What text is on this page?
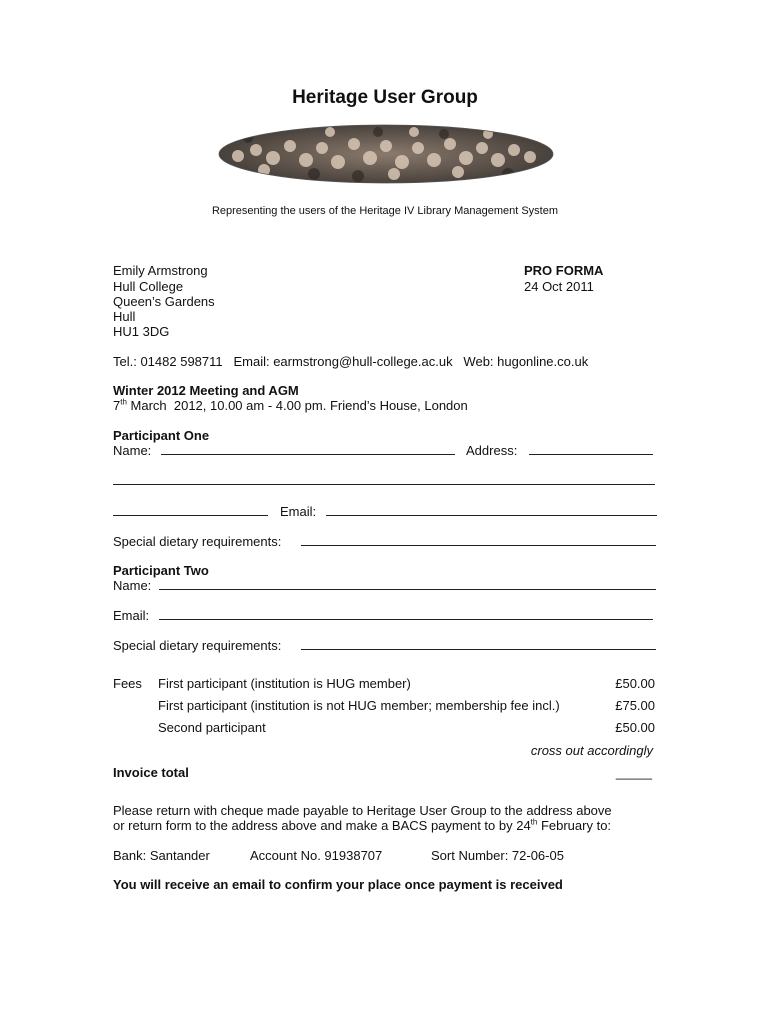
Heritage User Group
Representing the users of the Heritage IV Library Management System
Emily Armstrong
Hull College
Queen’s Gardens
Hull
HU1 3DG
PRO FORMA
24 Oct 2011
Tel.: 01482 598711   Email: earmstrong@hull-college.ac.uk   Web: hugonline.co.uk
Winter 2012 Meeting and AGM
7th March  2012, 10.00 am - 4.00 pm. Friend’s House, London
Participant One
Name:	Address:
Email:
Special dietary requirements:
Participant Two
Name:
Email:
Special dietary requirements:
Fees First participant (institution is HUG member)	£50.00
First participant (institution is not HUG member; membership fee incl.)	£75.00
Second participant	£50.00
cross out accordingly
Invoice total	_____
Please return with cheque made payable to Heritage User Group to the address above
or return form to the address above and make a BACS payment to by 24th February to:
Bank: Santander	Account No. 91938707	Sort Number: 72-06-05
You will receive an email to confirm your place once payment is received
